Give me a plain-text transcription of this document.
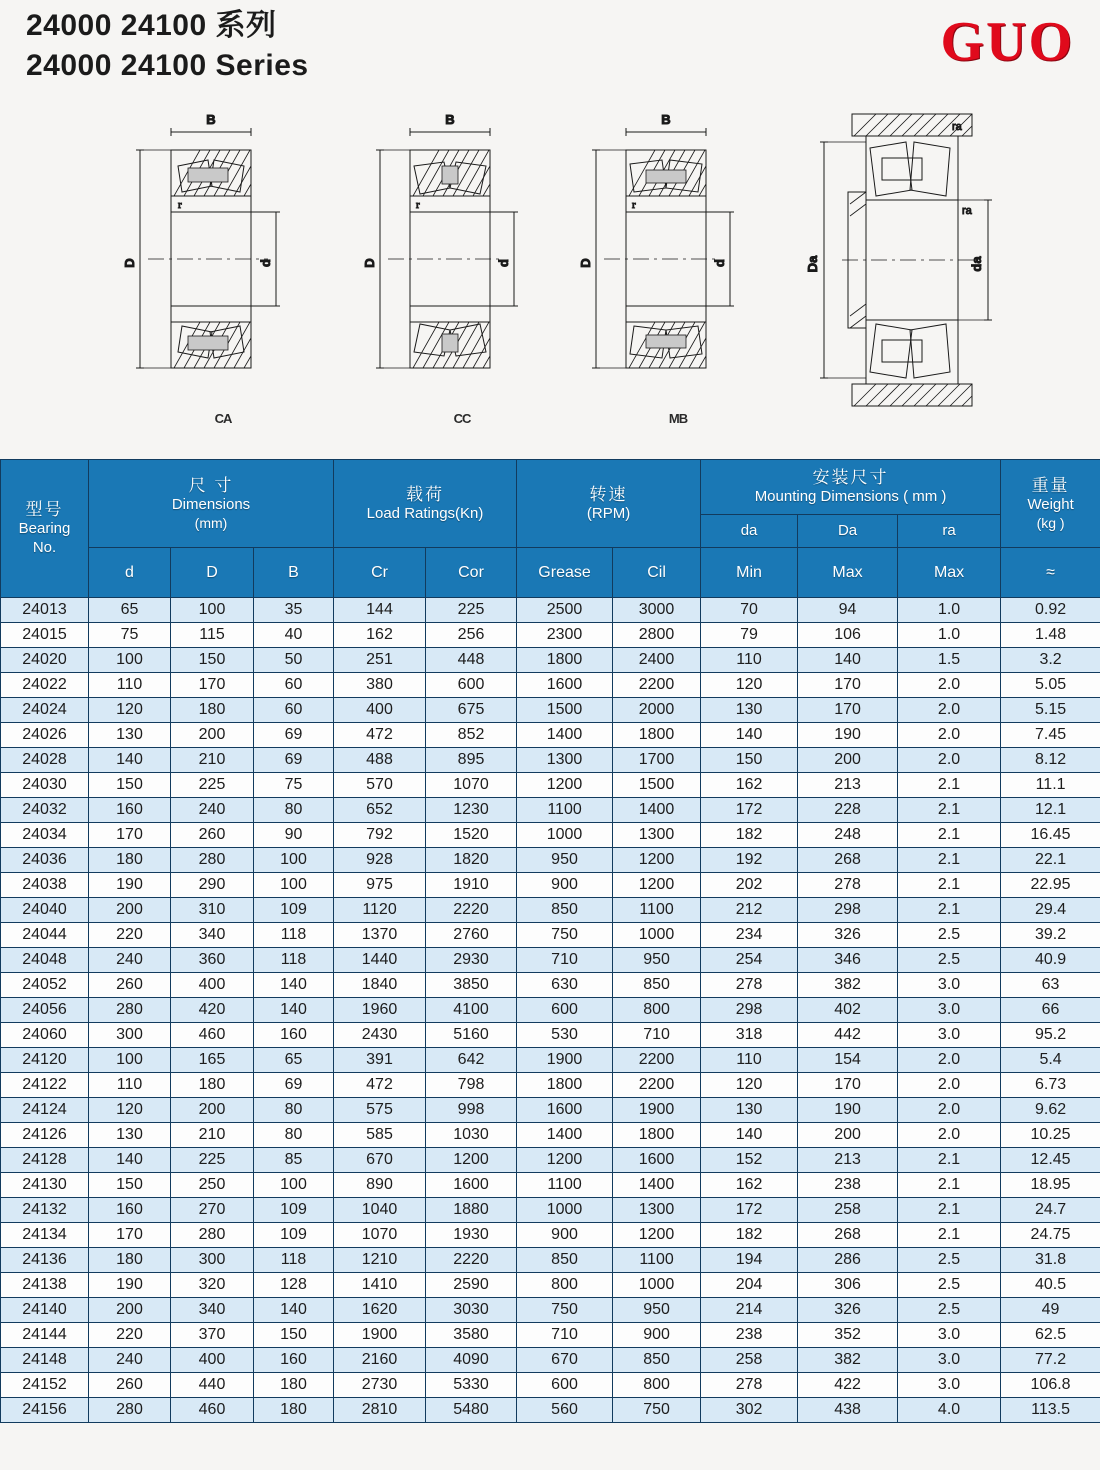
24000 24100 系列
24000 24100 Series	GUO
B
D	d
r
CA
B
D	d
r
CC
B
D	d
r
MB
Da	da
ra
ra
型号
Bearing
No.

尺 寸
Dimensions
(mm)

载荷
Load Ratings(Kn)

转速
(RPM)

安装尺寸
Mounting Dimensions ( mm )

重量
Weight
(kg )

								da	Da	ra	
	d	D	B	Cr	Cor	Grease	Cil	Min	Max	Max	≈
24013	65	100	35	144	225	2500	3000	70	94	1.0	0.92
24015	75	115	40	162	256	2300	2800	79	106	1.0	1.48
24020	100	150	50	251	448	1800	2400	110	140	1.5	3.2
24022	110	170	60	380	600	1600	2200	120	170	2.0	5.05
24024	120	180	60	400	675	1500	2000	130	170	2.0	5.15
24026	130	200	69	472	852	1400	1800	140	190	2.0	7.45
24028	140	210	69	488	895	1300	1700	150	200	2.0	8.12
24030	150	225	75	570	1070	1200	1500	162	213	2.1	11.1
24032	160	240	80	652	1230	1100	1400	172	228	2.1	12.1
24034	170	260	90	792	1520	1000	1300	182	248	2.1	16.45
24036	180	280	100	928	1820	950	1200	192	268	2.1	22.1
24038	190	290	100	975	1910	900	1200	202	278	2.1	22.95
24040	200	310	109	1120	2220	850	1100	212	298	2.1	29.4
24044	220	340	118	1370	2760	750	1000	234	326	2.5	39.2
24048	240	360	118	1440	2930	710	950	254	346	2.5	40.9
24052	260	400	140	1840	3850	630	850	278	382	3.0	63
24056	280	420	140	1960	4100	600	800	298	402	3.0	66
24060	300	460	160	2430	5160	530	710	318	442	3.0	95.2
24120	100	165	65	391	642	1900	2200	110	154	2.0	5.4
24122	110	180	69	472	798	1800	2200	120	170	2.0	6.73
24124	120	200	80	575	998	1600	1900	130	190	2.0	9.62
24126	130	210	80	585	1030	1400	1800	140	200	2.0	10.25
24128	140	225	85	670	1200	1200	1600	152	213	2.1	12.45
24130	150	250	100	890	1600	1100	1400	162	238	2.1	18.95
24132	160	270	109	1040	1880	1000	1300	172	258	2.1	24.7
24134	170	280	109	1070	1930	900	1200	182	268	2.1	24.75
24136	180	300	118	1210	2220	850	1100	194	286	2.5	31.8
24138	190	320	128	1410	2590	800	1000	204	306	2.5	40.5
24140	200	340	140	1620	3030	750	950	214	326	2.5	49
24144	220	370	150	1900	3580	710	900	238	352	3.0	62.5
24148	240	400	160	2160	4090	670	850	258	382	3.0	77.2
24152	260	440	180	2730	5330	600	800	278	422	3.0	106.8
24156	280	460	180	2810	5480	560	750	302	438	4.0	113.5
